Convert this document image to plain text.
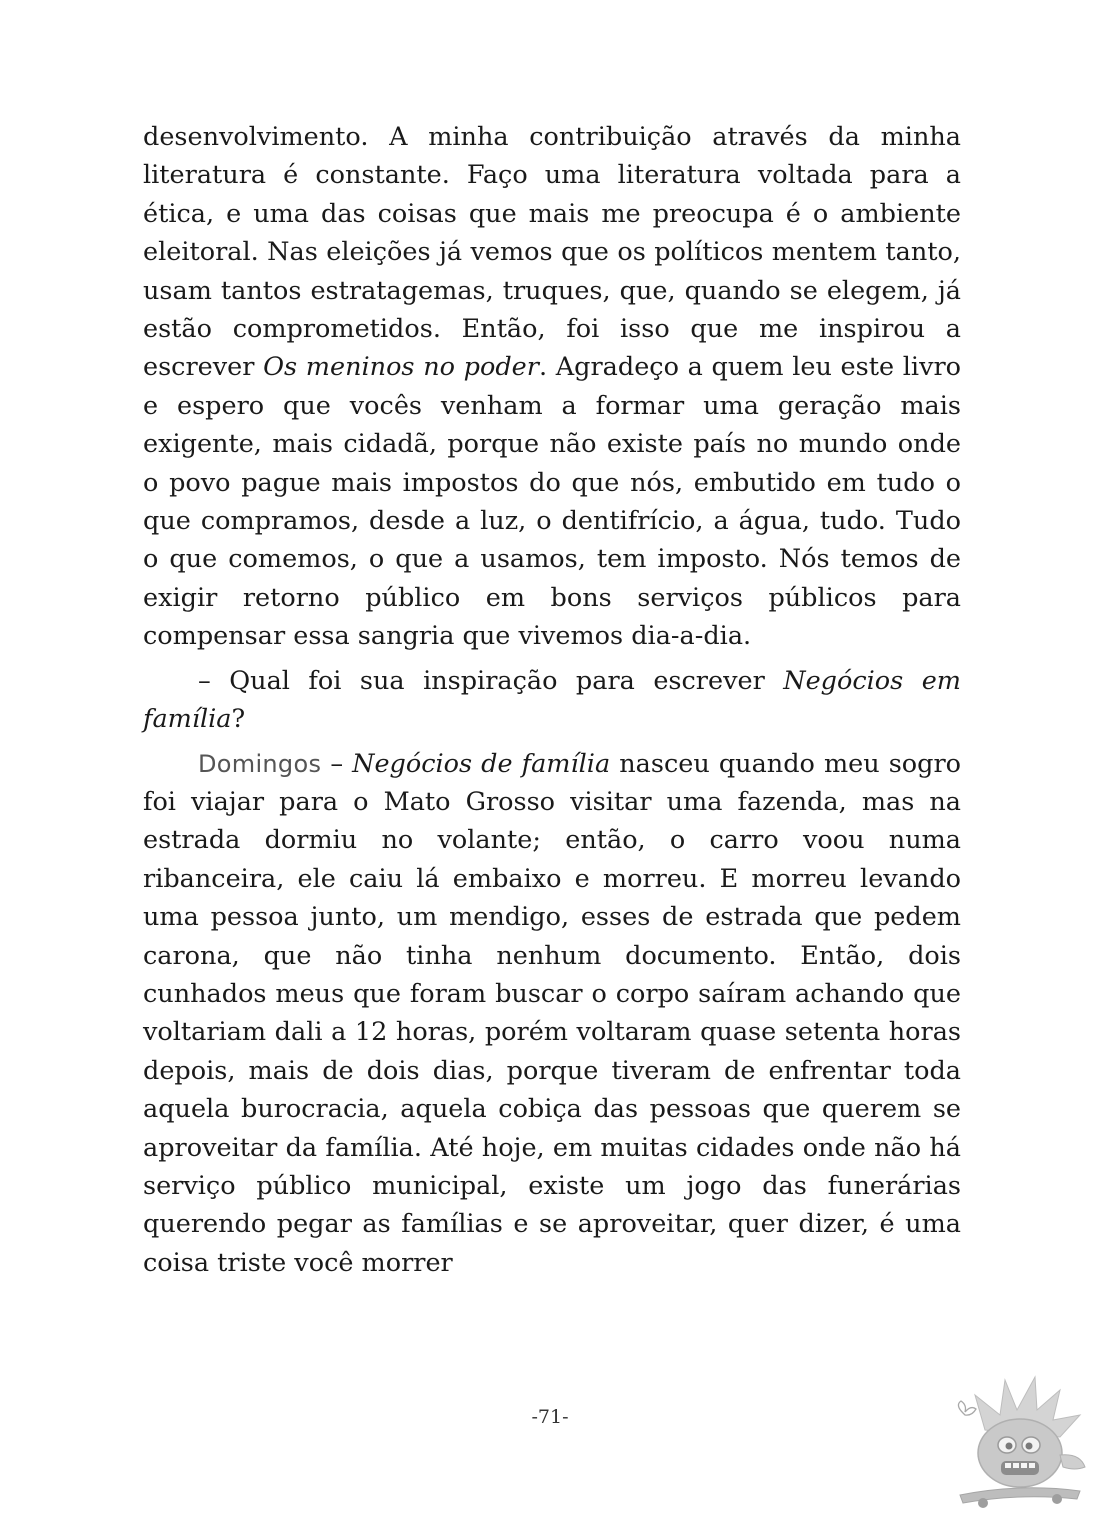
desenvolvimento. A minha contribuição através da minha literatura é constante. Faço uma literatura voltada para a ética, e uma das coisas que mais me preocupa é o ambiente eleitoral. Nas eleições já vemos que os políticos mentem tanto, usam tantos estratagemas, truques, que, quando se elegem, já estão comprometidos. Então, foi isso que me inspirou a escrever Os meninos no poder. Agradeço a quem leu este livro e espero que vocês venham a formar uma geração mais exigente, mais cidadã, porque não existe país no mundo onde o povo pague mais impostos do que nós, embutido em tudo o que compramos, desde a luz, o dentifrício, a água, tudo. Tudo o que comemos, o que a usamos, tem imposto. Nós temos de exigir retorno público em bons serviços públicos para compensar essa sangria que vivemos dia-a-dia.

– Qual foi sua inspiração para escrever Negócios em família?

Domingos – Negócios de família nasceu quando meu sogro foi viajar para o Mato Grosso visitar uma fazenda, mas na estrada dormiu no volante; então, o carro voou numa ribanceira, ele caiu lá embaixo e morreu. E morreu levando uma pessoa junto, um mendigo, esses de estrada que pedem carona, que não tinha nenhum documento. Então, dois cunhados meus que foram buscar o corpo saíram achando que voltariam dali a 12 horas, porém voltaram quase setenta horas depois, mais de dois dias, porque tiveram de enfrentar toda aquela burocracia, aquela cobiça das pessoas que querem se aproveitar da família. Até hoje, em muitas cidades onde não há serviço público municipal, existe um jogo das funerárias querendo pegar as famílias e se aproveitar, quer dizer, é uma coisa triste você morrer

-71-
